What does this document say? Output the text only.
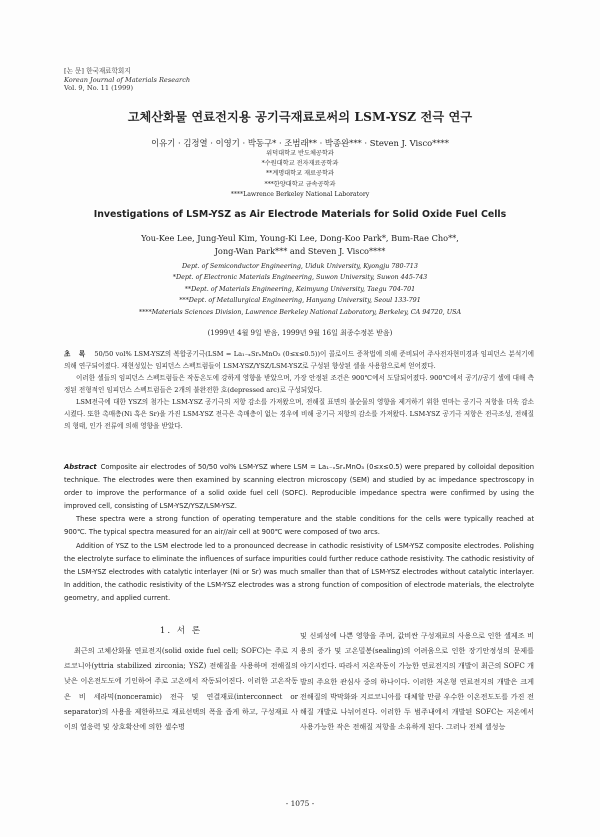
[논 문] 한국재료학회지
Korean Journal of Materials Research
Vol. 9, No. 11 (1999)
고체산화물 연료전지용 공기극재료로써의 LSM-YSZ 전극 연구
이유기 · 김정열 · 이영기 · 박동구* · 조범래** · 박종완*** · Steven J. Visco****
위덕대학교 반도체공학과
*수원대학교 전자재료공학과
**계명대학교 재료공학과
***한양대학교 금속공학과
****Lawrence Berkeley National Laboratory
Investigations of LSM-YSZ as Air Electrode Materials for Solid Oxide Fuel Cells
You-Kee Lee, Jung-Yeul Kim, Young-Ki Lee, Dong-Koo Park*, Bum-Rae Cho**,
Jong-Wan Park*** and Steven J. Visco****
Dept. of Semiconductor Engineering, Uiduk University, Kyongju 780-713
*Dept. of Electronic Materials Engineering, Suwon University, Suwon 445-743
**Dept. of Materials Engineering, Keimyung University, Taegu 704-701
***Dept. of Metallurgical Engineering, Hanyang University, Seoul 133-791
****Materials Sciences Division, Lawrence Berkeley National Laboratory, Berkeley, CA 94720, USA
(1999년 4월 9일 받음, 1999년 9월 16일 최종수정본 받음)

초 록 50/50 vol% LSM-YSZ의 복합공기극(LSM = La₁₋ₓSrₓMnO₃ (0≤x≤0.5))이 콜로이드 증착법에 의해 준비되어 주사전자현미경과 임피던스 분석기에 의해 연구되어졌다. 재현성있는 임피던스 스펙트럼들이 LSM-YSZ/YSZ/LSM-YSZ로 구성된 향상된 셀을 사용함으로써 얻어졌다.

이러한 셀들의 임피던스 스펙트럼들은 작동온도에 강하게 영향을 받았으며, 가장 안정된 조건은 900℃에서 도달되어졌다. 900℃에서 공기//공기 셀에 대해 측정된 전형적인 임피던스 스펙트럼들은 2개의 불완전한 호(depressed arc)로 구성되었다.

LSM전극에 대한 YSZ의 첨가는 LSM-YSZ 공기극의 저항 감소를 가져왔으며, 전해질 표면의 불순물의 영향을 제거하기 위한 연마는 공기극 저항을 더욱 감소시켰다. 또한 촉매층(Ni 혹은 Sr)을 가진 LSM-YSZ 전극은 촉매층이 없는 경우에 비해 공기극 저항의 감소를 가져왔다. LSM-YSZ 공기극 저항은 전극조성, 전해질의 형태, 인가 전류에 의해 영향을 받았다.

Abstract Composite air electrodes of 50/50 vol% LSM-YSZ where LSM = La₁₋ₓSrₓMnO₃ (0≤x≤0.5) were prepared by colloidal deposition technique. The electrodes were then examined by scanning electron microscopy (SEM) and studied by ac impedance spectroscopy in order to improve the performance of a solid oxide fuel cell (SOFC). Reproducible impedance spectra were confirmed by using the improved cell, consisting of LSM-YSZ/YSZ/LSM-YSZ.

These spectra were a strong function of operating temperature and the stable conditions for the cells were typically reached at 900℃. The typical spectra measured for an air//air cell at 900℃ were composed of two arcs.

Addition of YSZ to the LSM electrode led to a pronounced decrease in cathodic resistivity of LSM-YSZ composite electrodes. Polishing the electrolyte surface to eliminate the influences of surface impurities could further reduce cathode resistivity. The cathodic resistivity of the LSM-YSZ electrodes with catalytic interlayer (Ni or Sr) was much smaller than that of LSM-YSZ electrodes without catalytic interlayer. In addition, the cathodic resistivity of the LSM-YSZ electrodes was a strong function of composition of electrode materials, the electrolyte geometry, and applied current.

1. 서 론

최근의 고체산화물 연료전지(solid oxide fuel cell; SOFC)는 주로 지르코니아(yttria stabilized zirconia; YSZ) 전해질을 사용하며 전해질의 낮은 이온전도도에 기인하여 주로 고온에서 작동되어진다. 이러한 고온작동은 비 세라믹(nonceramic) 전극 및 연결재료(interconnect or separator)의 사용을 제한하므로 재료선택의 폭을 좁게 하고, 구성재료 사이의 열응력 및 상호확산에 의한 셀수명

및 신뢰성에 나쁜 영향을 주며, 값비싼 구성재료의 사용으로 인한 셀제조 비용의 증가 및 고온밀봉(sealing)의 어려움으로 인한 장기안정성의 문제를 야기시킨다. 따라서 저온작동이 가능한 연료전지의 개발이 최근의 SOFC 개발의 주요한 관심사 중의 하나이다. 이러한 저온형 연료전지의 개발은 크게 전해질의 박막화와 지르코니아를 대체할 만큼 우수한 이온전도도를 가진 전해질 개발로 나뉘어진다. 이러한 두 범주내에서 개발된 SOFC는 저온에서 사용가능한 작은 전해질 저항을 소유하게 된다. 그러나 전체 셀성능

- 1075 -
